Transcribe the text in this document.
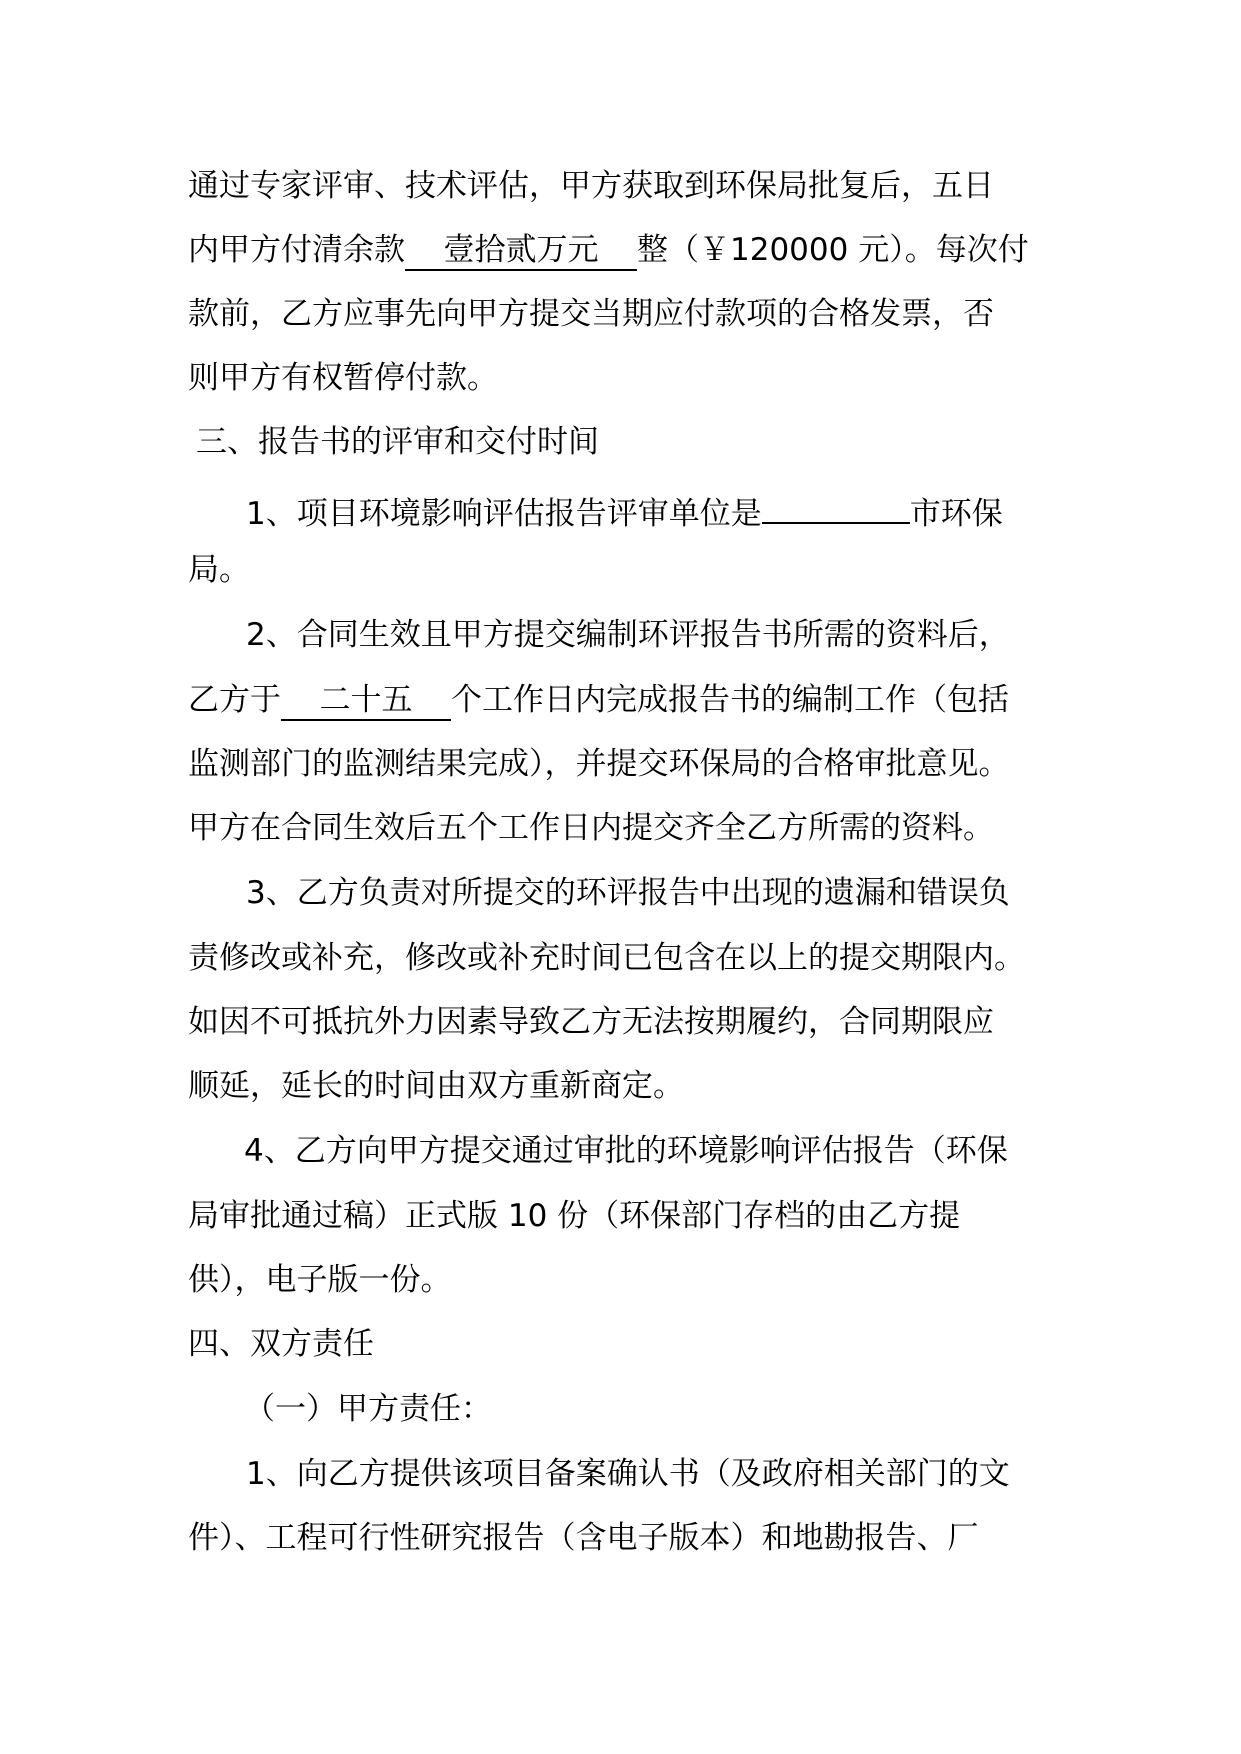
通过专家评审、技术评估，甲方获取到环保局批复后，五日
内甲方付清余款 壹拾贰万元 整（￥120000 元）。每次付
款前，乙方应事先向甲方提交当期应付款项的合格发票，否
则甲方有权暂停付款。
三、报告书的评审和交付时间
1、项目环境影响评估报告评审单位是	市环保
局。
2、合同生效且甲方提交编制环评报告书所需的资料后，
乙方于 二十五 个工作日内完成报告书的编制工作（包括
监测部门的监测结果完成），并提交环保局的合格审批意见。
甲方在合同生效后五个工作日内提交齐全乙方所需的资料。
3、乙方负责对所提交的环评报告中出现的遗漏和错误负
责修改或补充，修改或补充时间已包含在以上的提交期限内。
如因不可抵抗外力因素导致乙方无法按期履约，合同期限应
顺延，延长的时间由双方重新商定。
4、乙方向甲方提交通过审批的环境影响评估报告（环保
局审批通过稿）正式版 10 份（环保部门存档的由乙方提
供），电子版一份。
四、双方责任
（一）甲方责任：
1、向乙方提供该项目备案确认书（及政府相关部门的文
件）、工程可行性研究报告（含电子版本）和地勘报告、厂
